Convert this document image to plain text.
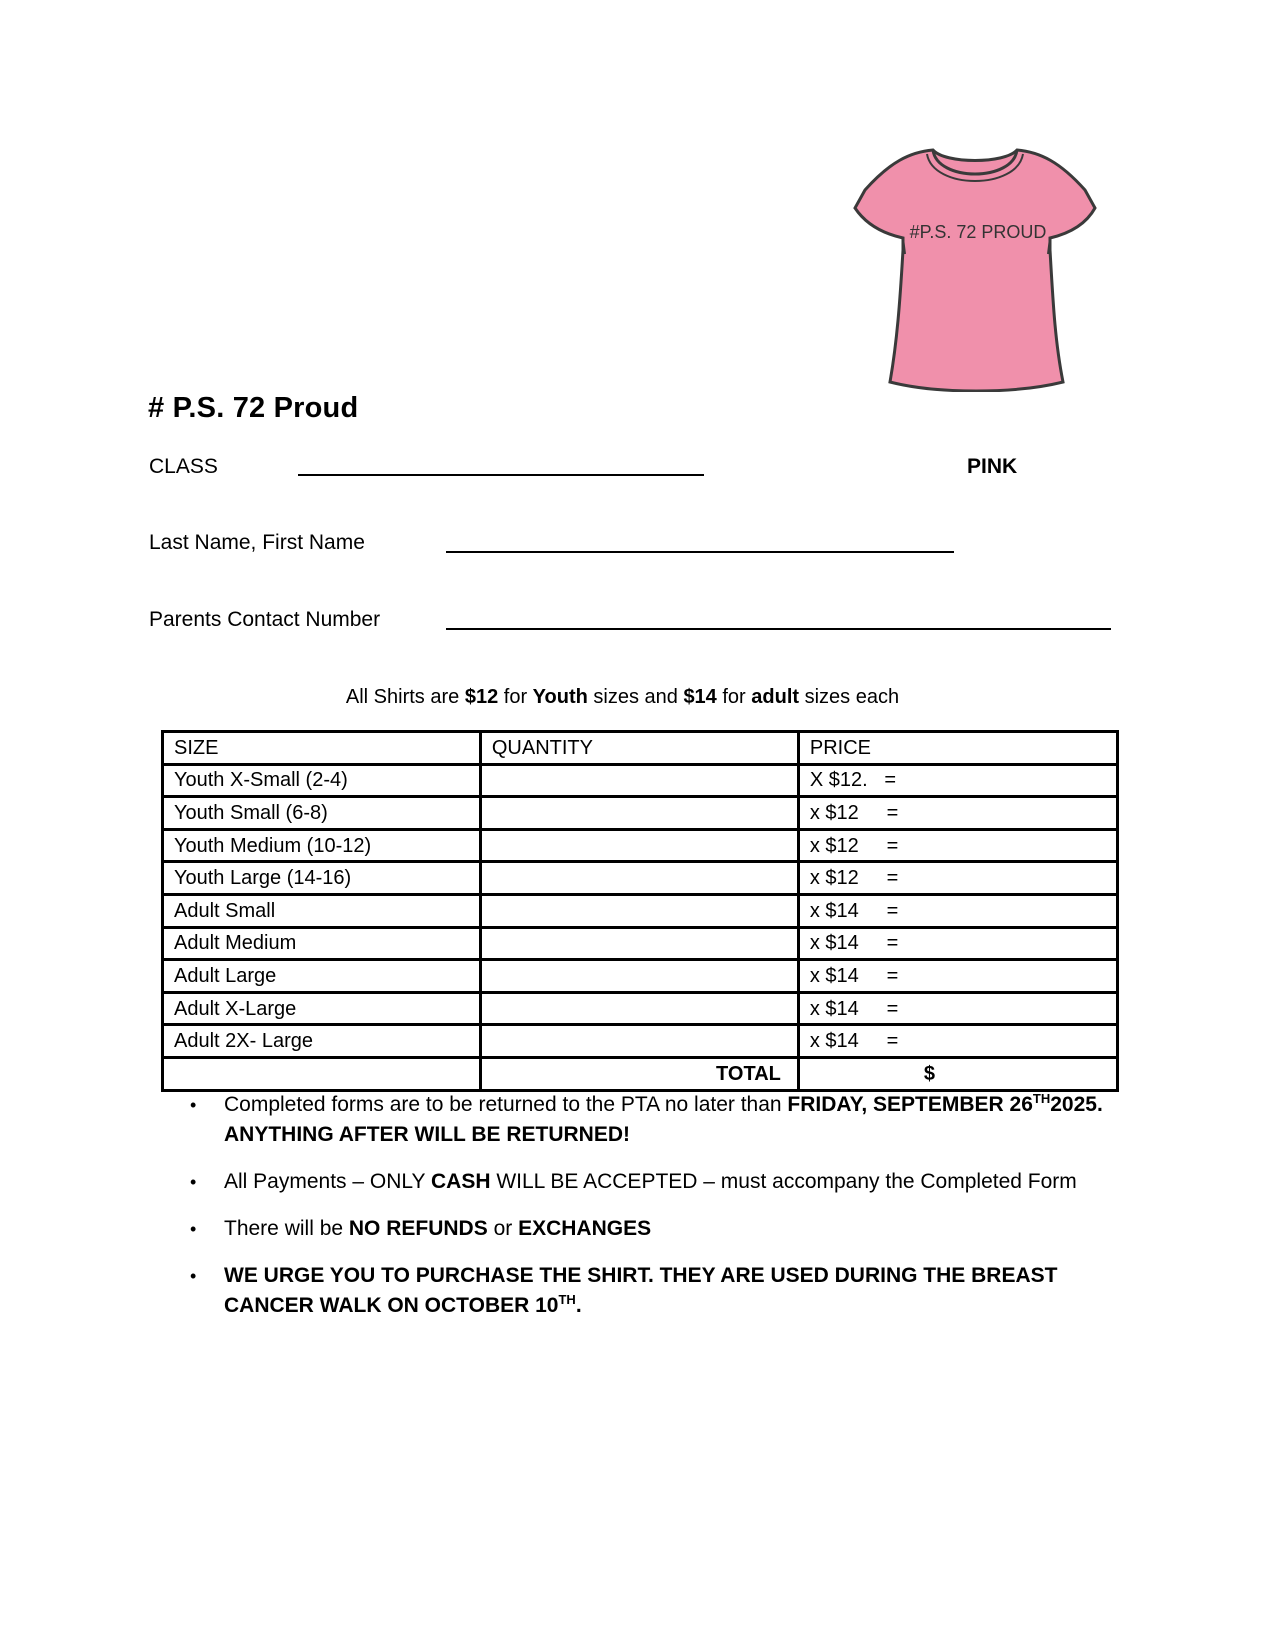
#P.S. 72 PROUD
# P.S. 72 Proud
CLASS	PINK
Last Name, First Name
Parents Contact Number
All Shirts are $12 for Youth sizes and $14 for adult sizes each
SIZE	QUANTITY	PRICE
Youth X-Small (2-4)		X $12.   =
Youth Small (6-8)		x $12     =
Youth Medium (10-12)		x $12     =
Youth Large (14-16)		x $12     =
Adult Small		x $14     =
Adult Medium		x $14     =
Adult Large		x $14     =
Adult X-Large		x $14     =
Adult 2X- Large		x $14     =
	TOTAL	$
• Completed forms are to be returned to the PTA no later than FRIDAY, SEPTEMBER 26TH2025. ANYTHING AFTER WILL BE RETURNED!
• All Payments – ONLY CASH WILL BE ACCEPTED – must accompany the Completed Form
• There will be NO REFUNDS or EXCHANGES
• WE URGE YOU TO PURCHASE THE SHIRT. THEY ARE USED DURING THE BREAST CANCER WALK ON OCTOBER 10TH.
